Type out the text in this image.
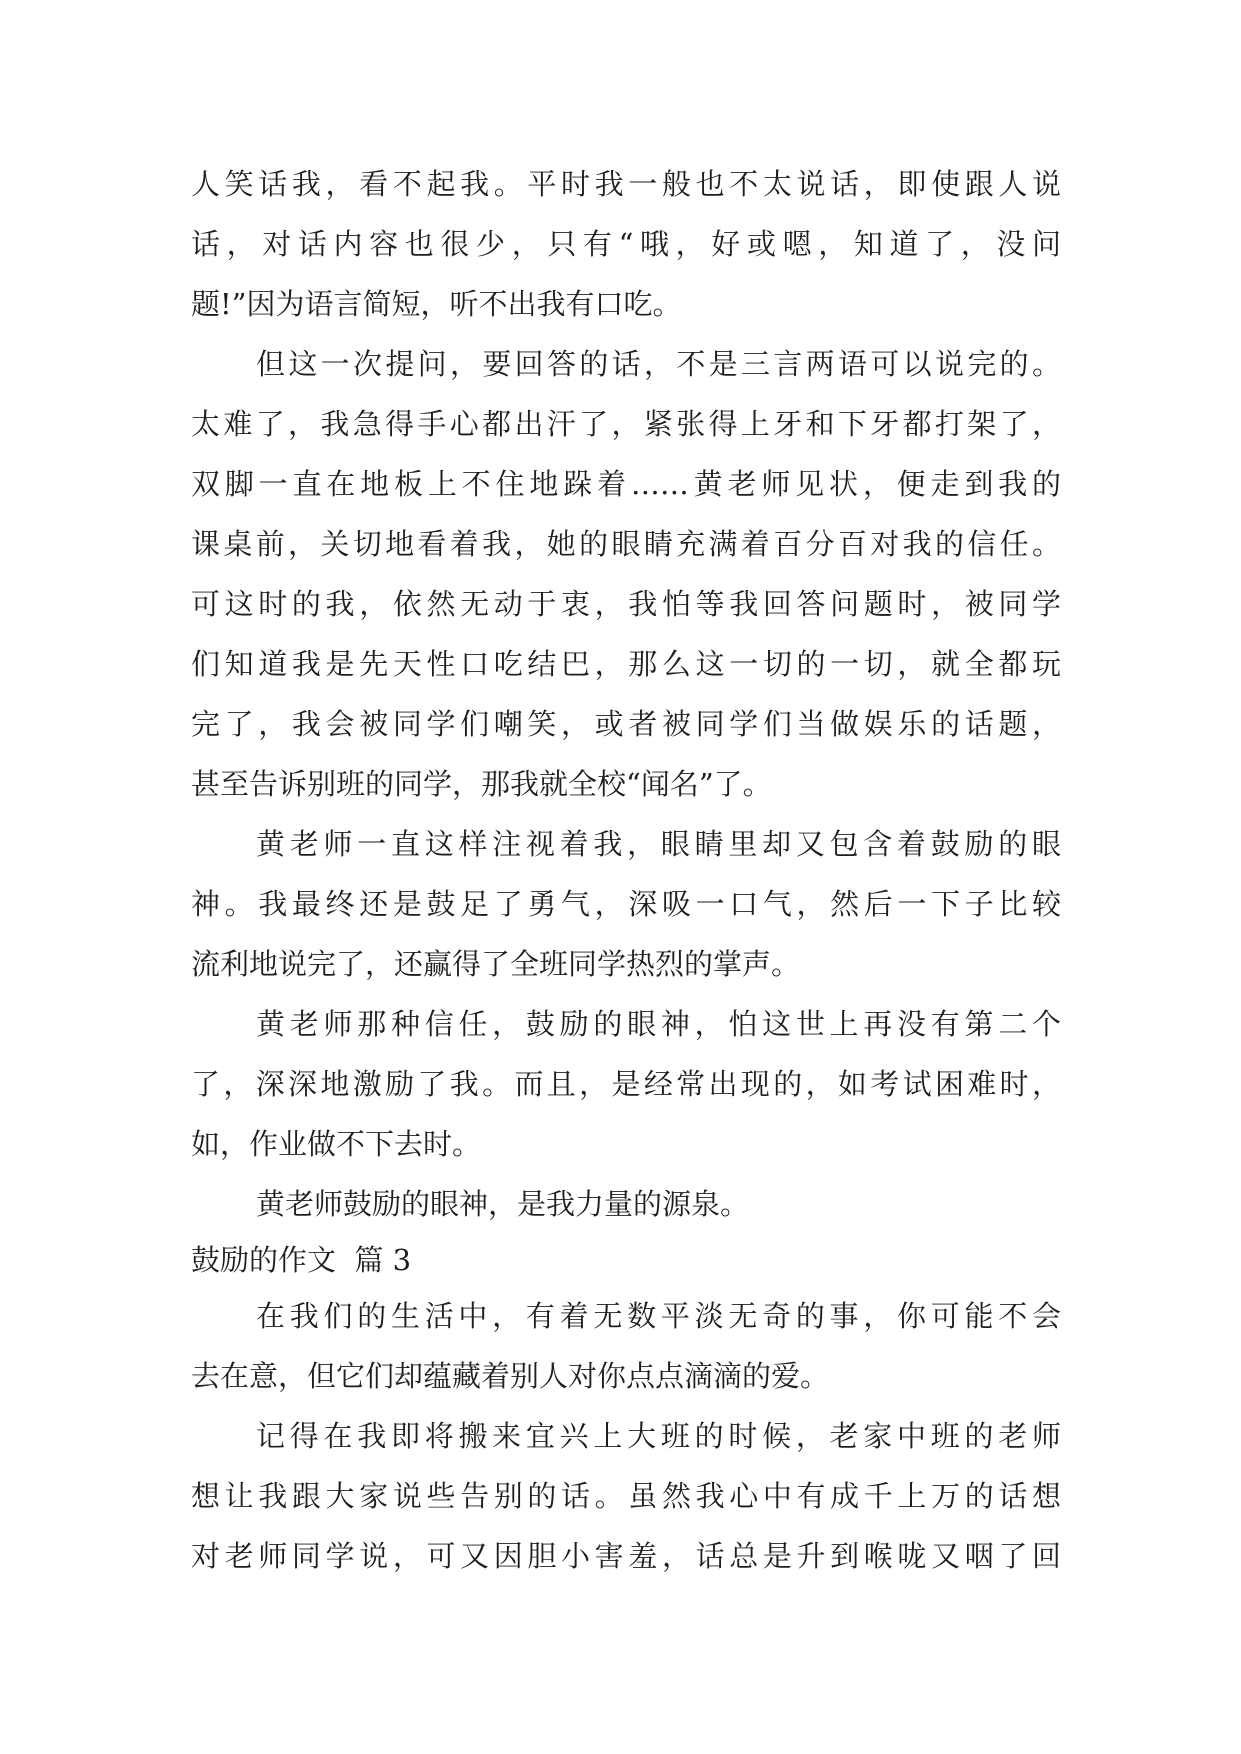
人笑话我，看不起我。平时我一般也不太说话，即使跟人说

话，对话内容也很少，只有“哦，好或嗯，知道了，没问

题!”因为语言简短，听不出我有口吃。

但这一次提问，要回答的话，不是三言两语可以说完的。

太难了，我急得手心都出汗了，紧张得上牙和下牙都打架了，

双脚一直在地板上不住地跺着……黄老师见状，便走到我的

课桌前，关切地看着我，她的眼睛充满着百分百对我的信任。

可这时的我，依然无动于衷，我怕等我回答问题时，被同学

们知道我是先天性口吃结巴，那么这一切的一切，就全都玩

完了，我会被同学们嘲笑，或者被同学们当做娱乐的话题，

甚至告诉别班的同学，那我就全校“闻名”了。

黄老师一直这样注视着我，眼睛里却又包含着鼓励的眼

神。我最终还是鼓足了勇气，深吸一口气，然后一下子比较

流利地说完了，还赢得了全班同学热烈的掌声。

黄老师那种信任，鼓励的眼神，怕这世上再没有第二个

了，深深地激励了我。而且，是经常出现的，如考试困难时，

如，作业做不下去时。

黄老师鼓励的眼神，是我力量的源泉。

鼓励的作文  篇 3

在我们的生活中，有着无数平淡无奇的事，你可能不会

去在意，但它们却蕴藏着别人对你点点滴滴的爱。

记得在我即将搬来宜兴上大班的时候，老家中班的老师

想让我跟大家说些告别的话。虽然我心中有成千上万的话想

对老师同学说，可又因胆小害羞，话总是升到喉咙又咽了回
